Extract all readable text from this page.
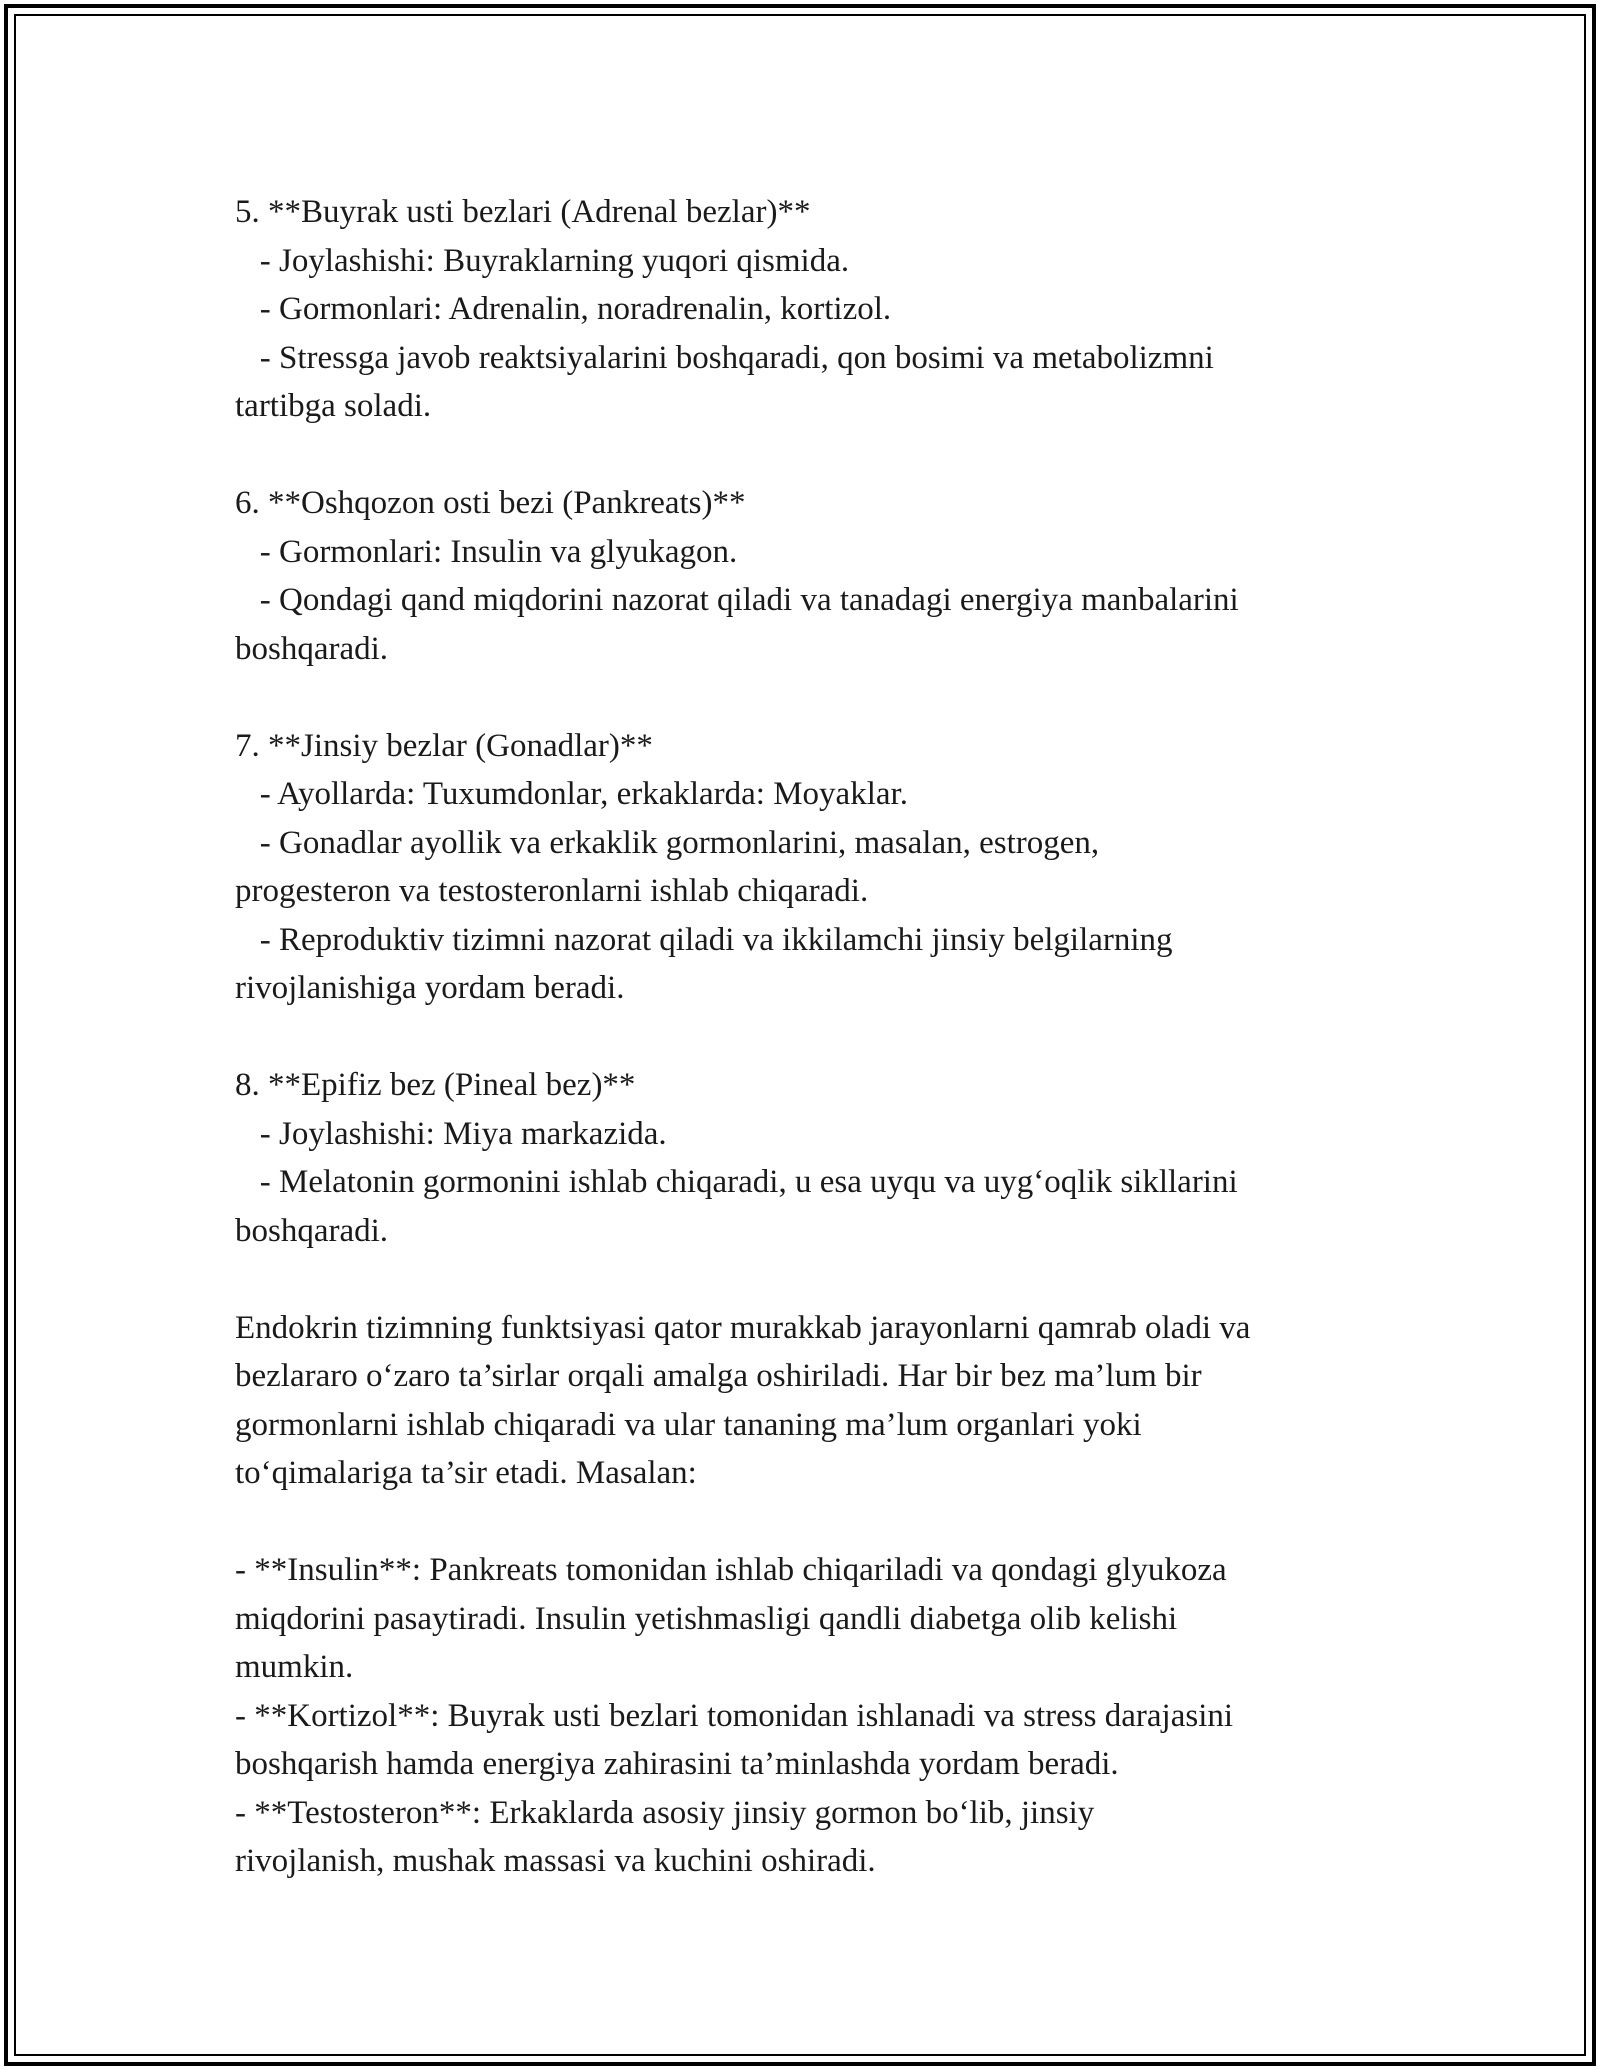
5. **Buyrak usti bezlari (Adrenal bezlar)**

- Joylashishi: Buyraklarning yuqori qismida.

- Gormonlari: Adrenalin, noradrenalin, kortizol.

- Stressga javob reaktsiyalarini boshqaradi, qon bosimi va metabolizmni

tartibga soladi.

6. **Oshqozon osti bezi (Pankreats)**

- Gormonlari: Insulin va glyukagon.

- Qondagi qand miqdorini nazorat qiladi va tanadagi energiya manbalarini

boshqaradi.

7. **Jinsiy bezlar (Gonadlar)**

- Ayollarda: Tuxumdonlar, erkaklarda: Moyaklar.

- Gonadlar ayollik va erkaklik gormonlarini, masalan, estrogen,

progesteron va testosteronlarni ishlab chiqaradi.

- Reproduktiv tizimni nazorat qiladi va ikkilamchi jinsiy belgilarning

rivojlanishiga yordam beradi.

8. **Epifiz bez (Pineal bez)**

- Joylashishi: Miya markazida.

- Melatonin gormonini ishlab chiqaradi, u esa uyqu va uyg‘oqlik sikllarini

boshqaradi.

Endokrin tizimning funktsiyasi qator murakkab jarayonlarni qamrab oladi va

bezlararo o‘zaro ta’sirlar orqali amalga oshiriladi. Har bir bez ma’lum bir

gormonlarni ishlab chiqaradi va ular tananing ma’lum organlari yoki

to‘qimalariga ta’sir etadi. Masalan:

- **Insulin**: Pankreats tomonidan ishlab chiqariladi va qondagi glyukoza

miqdorini pasaytiradi. Insulin yetishmasligi qandli diabetga olib kelishi

mumkin.

- **Kortizol**: Buyrak usti bezlari tomonidan ishlanadi va stress darajasini

boshqarish hamda energiya zahirasini ta’minlashda yordam beradi.

- **Testosteron**: Erkaklarda asosiy jinsiy gormon bo‘lib, jinsiy

rivojlanish, mushak massasi va kuchini oshiradi.
